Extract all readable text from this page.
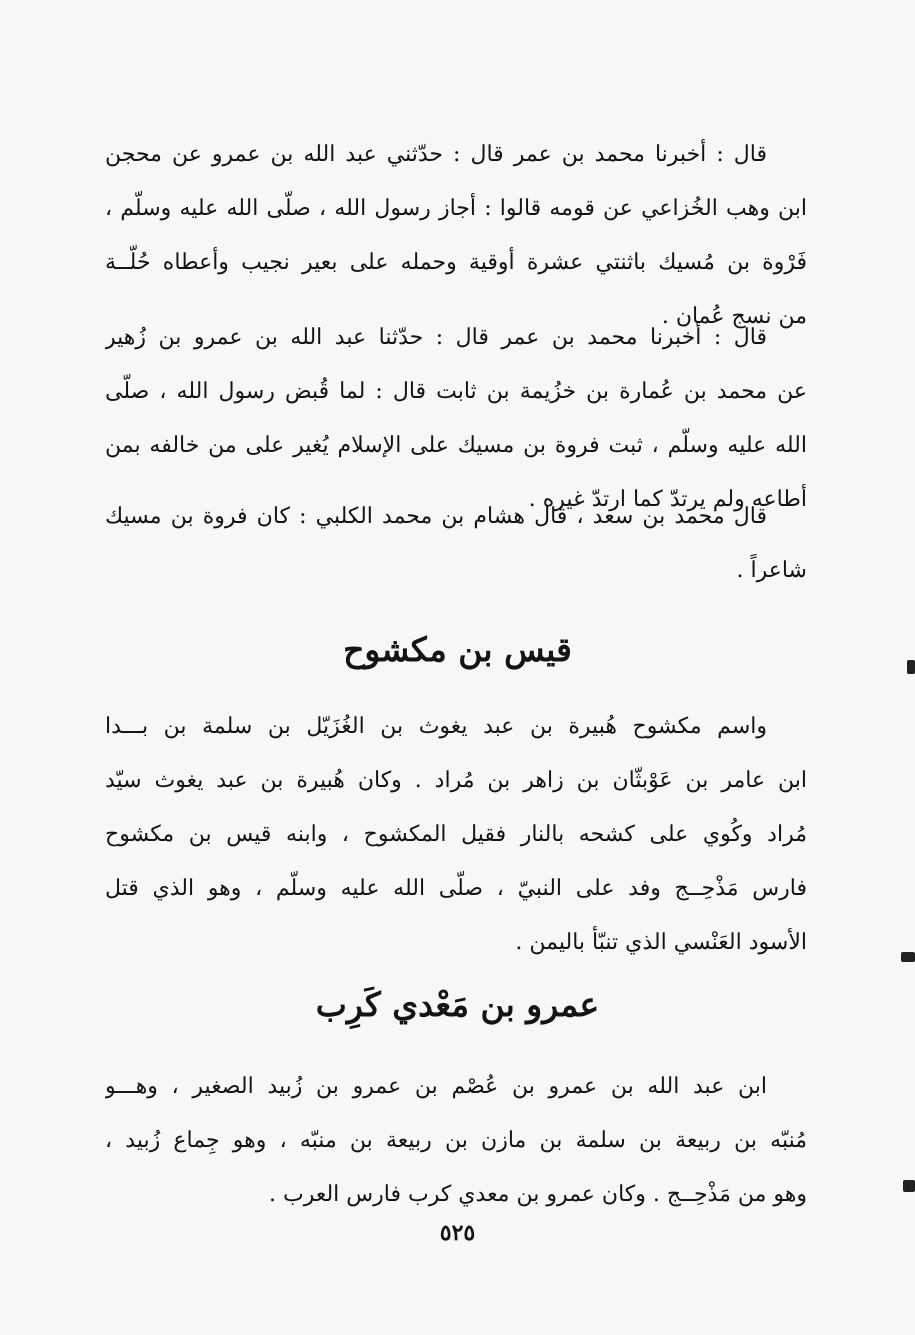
قال : أخبرنا محمد بن عمر قال : حدّثني عبد الله بن عمرو عن محجن
ابن وهب الخُزاعي عن قومه قالوا : أجاز رسول الله ، صلّى الله عليه وسلّم ،
فَرْوة بن مُسيك باثنتي عشرة أوقية وحمله على بعير نجيب وأعطاه حُلّــة
من نسج عُمان .
قال : أخبرنا محمد بن عمر قال : حدّثنا عبد الله بن عمرو بن زُهير
عن محمد بن عُمارة بن خزُيمة بن ثابت قال : لما قُبض رسول الله ، صلّى
الله عليه وسلّم ، ثبت فروة بن مسيك على الإسلام يُغير على من خالفه بمن
أطاعه ولم يرتدّ كما ارتدّ غيره .
قال محمد بن سعد ، قال هشام بن محمد الكلبي : كان فروة بن مسيك
شاعراً .
قيس بن مكشوح
واسم مكشوح هُبيرة بن عبد يغوث بن الغُزَيّل بن سلمة بن بـــدا
ابن عامر بن عَوْبثّان بن زاهر بن مُراد . وكان هُبيرة بن عبد يغوث سيّد
مُراد وكُوي على كشحه بالنار فقيل المكشوح ، وابنه قيس بن مكشوح
فارس مَذْحِــج وفد على النبيّ ، صلّى الله عليه وسلّم ، وهو الذي قتل
الأسود العَنْسي الذي تنبّأ باليمن .
عمرو بن مَعْدي كَرِب
ابن عبد الله بن عمرو بن عُصْم بن عمرو بن زُبيد الصغير ، وهـــو
مُنبّه بن ربيعة بن سلمة بن مازن بن ربيعة بن منبّه ، وهو جِماع زُبيد ،
وهو من مَذْحِــج . وكان عمرو بن معدي كرب فارس العرب .
٥٢٥
